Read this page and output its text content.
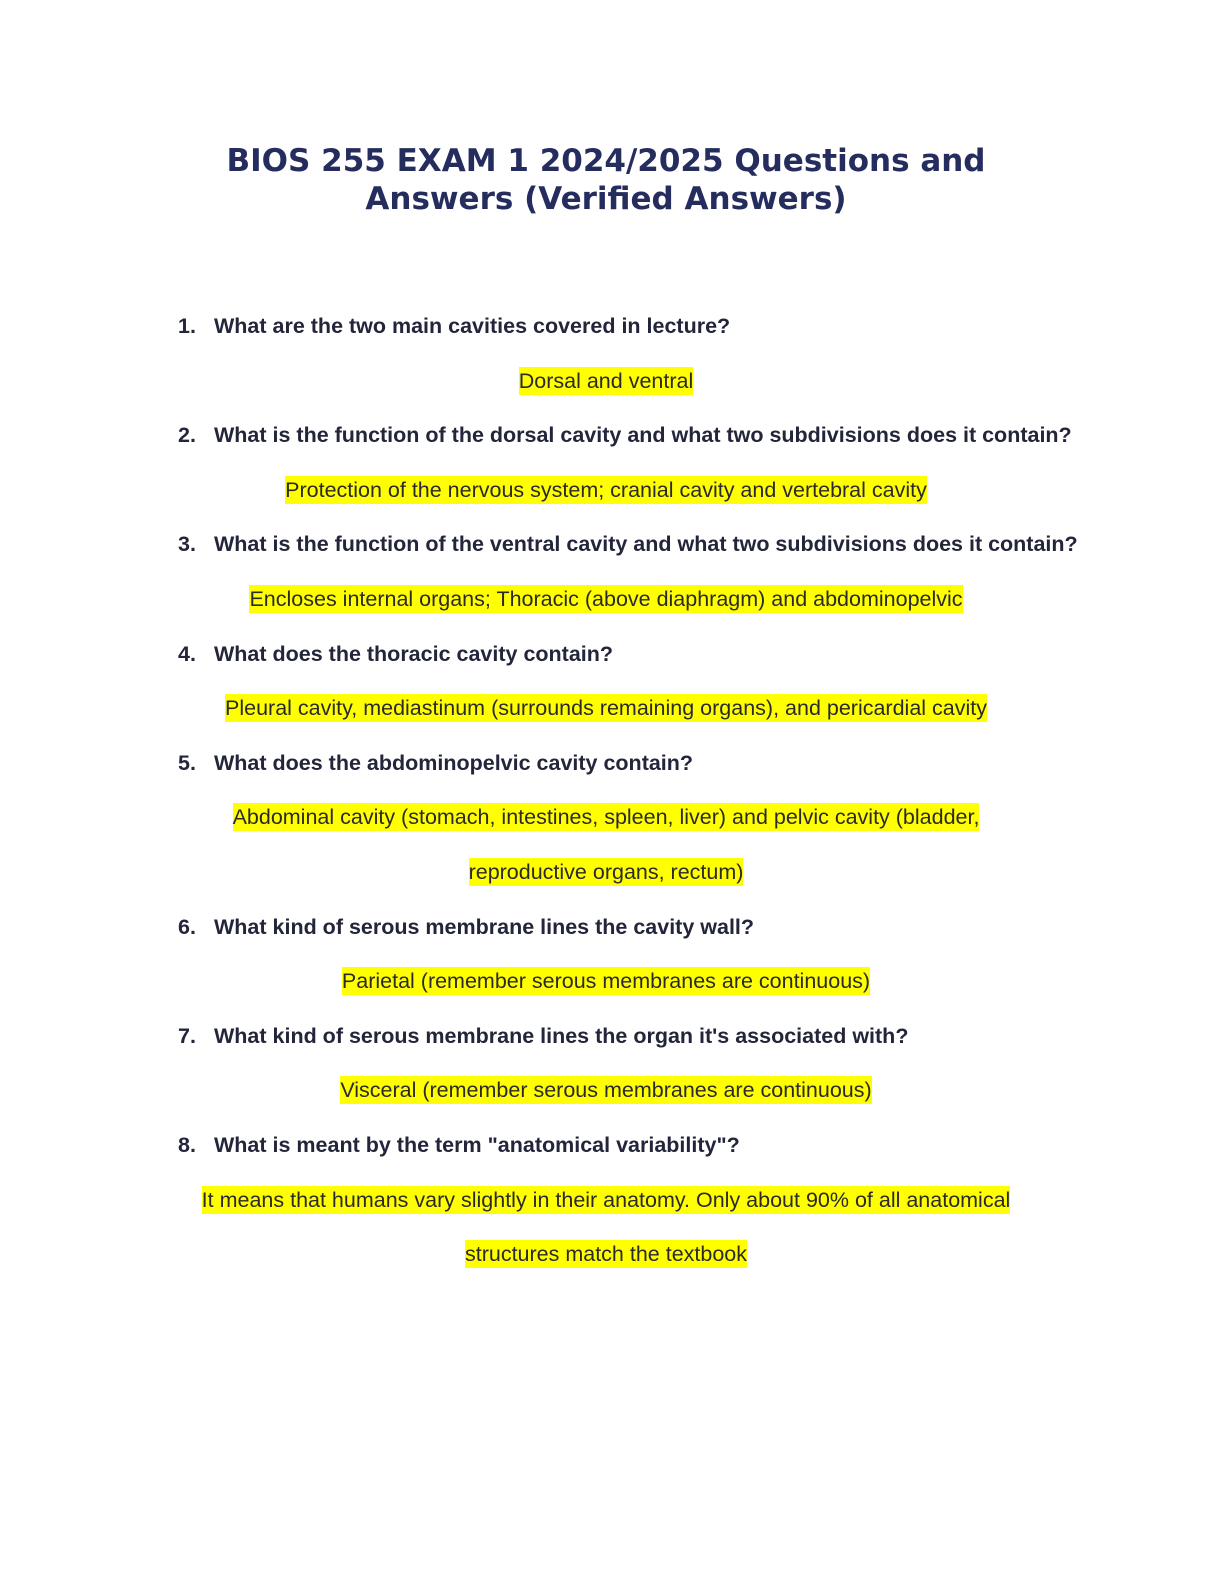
BIOS 255 EXAM 1 2024/2025 Questions and
Answers (Verified Answers)

1. What are the two main cavities covered in lecture?

Dorsal and ventral

2. What is the function of the dorsal cavity and what two subdivisions does it contain?

Protection of the nervous system; cranial cavity and vertebral cavity

3. What is the function of the ventral cavity and what two subdivisions does it contain?

Encloses internal organs; Thoracic (above diaphragm) and abdominopelvic

4. What does the thoracic cavity contain?

Pleural cavity, mediastinum (surrounds remaining organs), and pericardial cavity

5. What does the abdominopelvic cavity contain?

Abdominal cavity (stomach, intestines, spleen, liver) and pelvic cavity (bladder,

reproductive organs, rectum)

6. What kind of serous membrane lines the cavity wall?

Parietal (remember serous membranes are continuous)

7. What kind of serous membrane lines the organ it's associated with?

Visceral (remember serous membranes are continuous)

8. What is meant by the term "anatomical variability"?

It means that humans vary slightly in their anatomy. Only about 90% of all anatomical

structures match the textbook
